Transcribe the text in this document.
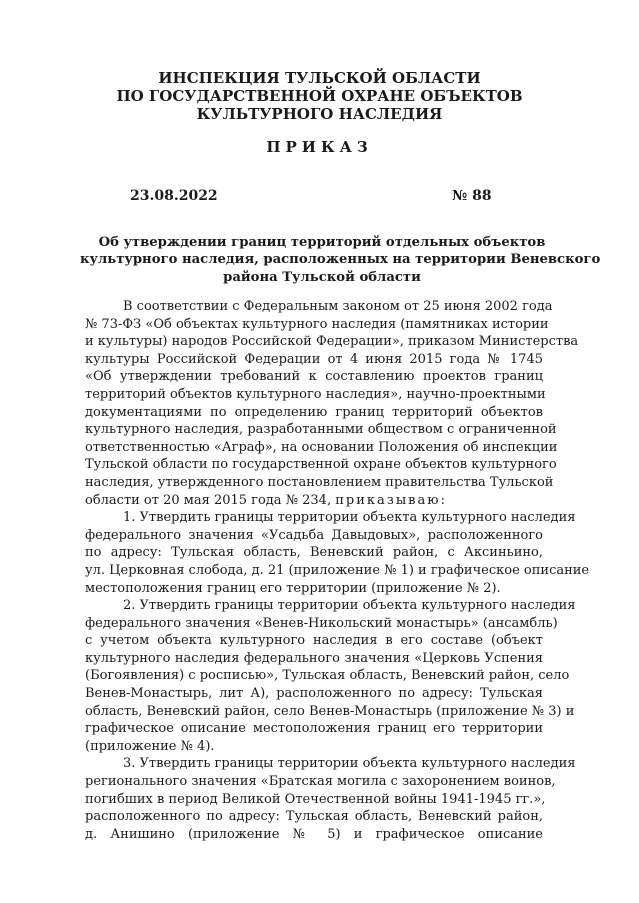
ИНСПЕКЦИЯ ТУЛЬСКОЙ ОБЛАСТИ
ПО ГОСУДАРСТВЕННОЙ ОХРАНЕ ОБЪЕКТОВ
КУЛЬТУРНОГО НАСЛЕДИЯ
ПРИКАЗ
23.08.2022	№ 88
Об утверждении границ территорий отдельных объектов
культурного наследия, расположенных на территории Веневского
района Тульской области
В соответствии с Федеральным законом от 25 июня 2002 года
№ 73-ФЗ «Об объектах культурного наследия (памятниках истории
и культуры) народов Российской Федерации», приказом Министерства
культуры Российской Федерации от 4 июня 2015 года № 1745
«Об утверждении требований к составлению проектов границ
территорий объектов культурного наследия», научно-проектными
документациями по определению границ территорий объектов
культурного наследия, разработанными обществом с ограниченной
ответственностью «Аграф», на основании Положения об инспекции
Тульской области по государственной охране объектов культурного
наследия, утвержденного постановлением правительства Тульской
области от 20 мая 2015 года № 234, приказываю:
1. Утвердить границы территории объекта культурного наследия
федерального значения «Усадьба Давыдовых», расположенного
по адресу: Тульская область, Веневский район, с Аксиньино,
ул. Церковная слобода, д. 21 (приложение № 1) и графическое описание
местоположения границ его территории (приложение № 2).
2. Утвердить границы территории объекта культурного наследия
федерального значения «Венев-Никольский монастырь» (ансамбль)
с учетом объекта культурного наследия в его составе (объект
культурного наследия федерального значения «Церковь Успения
(Богоявления) с росписью», Тульская область, Веневский район, село
Венев-Монастырь, лит А), расположенного по адресу: Тульская
область, Веневский район, село Венев-Монастырь (приложение № 3) и
графическое описание местоположения границ его территории
(приложение № 4).
3. Утвердить границы территории объекта культурного наследия
регионального значения «Братская могила с захоронением воинов,
погибших в период Великой Отечественной войны 1941-1945 гг.»,
расположенного по адресу: Тульская область, Веневский район,
д. Анишино (приложение № 5) и графическое описание
